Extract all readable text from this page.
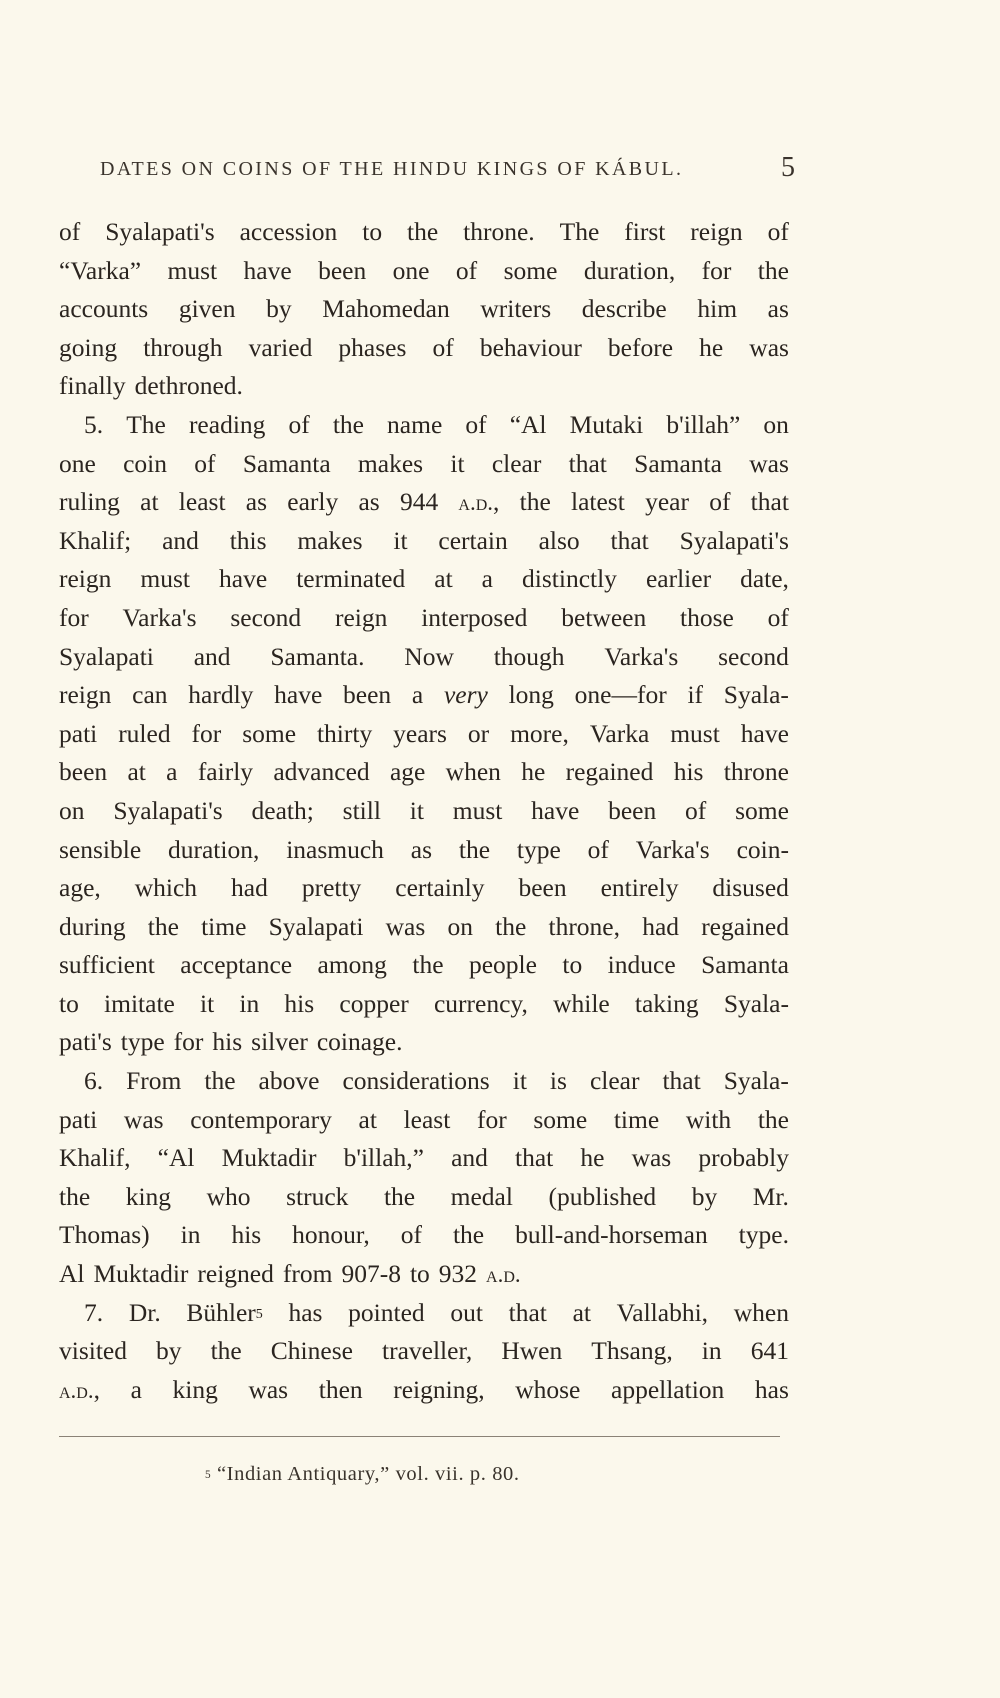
DATES ON COINS OF THE HINDU KINGS OF KÁBUL.	5
of Syalapati's accession to the throne. The first reign of
“Varka” must have been one of some duration, for the
accounts given by Mahomedan writers describe him as
going through varied phases of behaviour before he was
finally dethroned.
5. The reading of the name of “Al Mutaki b'illah” on
one coin of Samanta makes it clear that Samanta was
ruling at least as early as 944 a.d., the latest year of that
Khalif; and this makes it certain also that Syalapati's
reign must have terminated at a distinctly earlier date,
for Varka's second reign interposed between those of
Syalapati and Samanta. Now though Varka's second
reign can hardly have been a very long one—for if Syala-
pati ruled for some thirty years or more, Varka must have
been at a fairly advanced age when he regained his throne
on Syalapati's death; still it must have been of some
sensible duration, inasmuch as the type of Varka's coin-
age, which had pretty certainly been entirely disused
during the time Syalapati was on the throne, had regained
sufficient acceptance among the people to induce Samanta
to imitate it in his copper currency, while taking Syala-
pati's type for his silver coinage.
6. From the above considerations it is clear that Syala-
pati was contemporary at least for some time with the
Khalif, “Al Muktadir b'illah,” and that he was probably
the king who struck the medal (published by Mr.
Thomas) in his honour, of the bull-and-horseman type.
Al Muktadir reigned from 907-8 to 932 a.d.
7. Dr. Bühler$^5$ has pointed out that at Vallabhi, when
visited by the Chinese traveller, Hwen Thsang, in 641
a.d., a king was then reigning, whose appellation has
$^5$ “Indian Antiquary,” vol. vii. p. 80.
